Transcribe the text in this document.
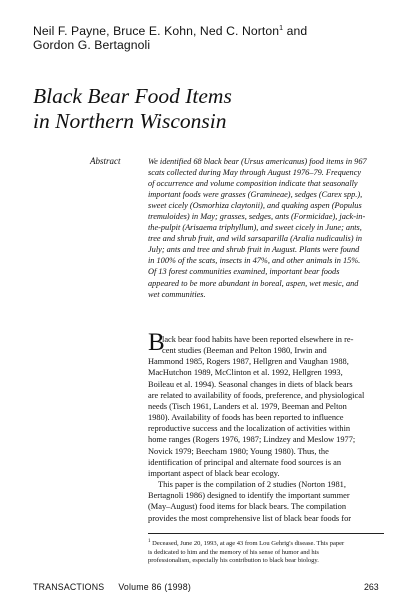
Neil F. Payne, Bruce E. Kohn, Ned C. Norton$^1$ and
Gordon G. Bertagnoli
Black Bear Food Items
in Northern Wisconsin
Abstract	We identified 68 black bear (Ursus americanus) food items in 967
scats collected during May through August 1976–79. Frequency
of occurrence and volume composition indicate that seasonally
important foods were grasses (Gramineae), sedges (Carex spp.),
sweet cicely (Osmorhiza claytonii), and quaking aspen (Populus
tremuloides) in May; grasses, sedges, ants (Formicidae), jack-in-
the-pulpit (Arisaema triphyllum), and sweet cicely in June; ants,
tree and shrub fruit, and wild sarsaparilla (Aralia nudicaulis) in
July; ants and tree and shrub fruit in August. Plants were found
in 100% of the scats, insects in 47%, and other animals in 15%.
Of 13 forest communities examined, important bear foods
appeared to be more abundant in boreal, aspen, wet mesic, and
wet communities.
B
lack bear food habits have been reported elsewhere in re-
cent studies (Beeman and Pelton 1980, Irwin and
Hammond 1985, Rogers 1987, Hellgren and Vaughan 1988,
MacHutchon 1989, McClinton et al. 1992, Hellgren 1993,
Boileau et al. 1994). Seasonal changes in diets of black bears
are related to availability of foods, preference, and physiological
needs (Tisch 1961, Landers et al. 1979, Beeman and Pelton
1980). Availability of foods has been reported to influence
reproductive success and the localization of activities within
home ranges (Rogers 1976, 1987; Lindzey and Meslow 1977;
Novick 1979; Beecham 1980; Young 1980). Thus, the
identification of principal and alternate food sources is an
important aspect of black bear ecology.
This paper is the compilation of 2 studies (Norton 1981,
Bertagnoli 1986) designed to identify the important summer
(May–August) food items for black bears. The compilation
provides the most comprehensive list of black bear foods for
$^1$ Deceased, June 20, 1993, at age 43 from Lou Gehrig's disease. This paper
is dedicated to him and the memory of his sense of humor and his
professionalism, especially his contribution to black bear biology.
TRANSACTIONS Volume 86 (1998)	263
